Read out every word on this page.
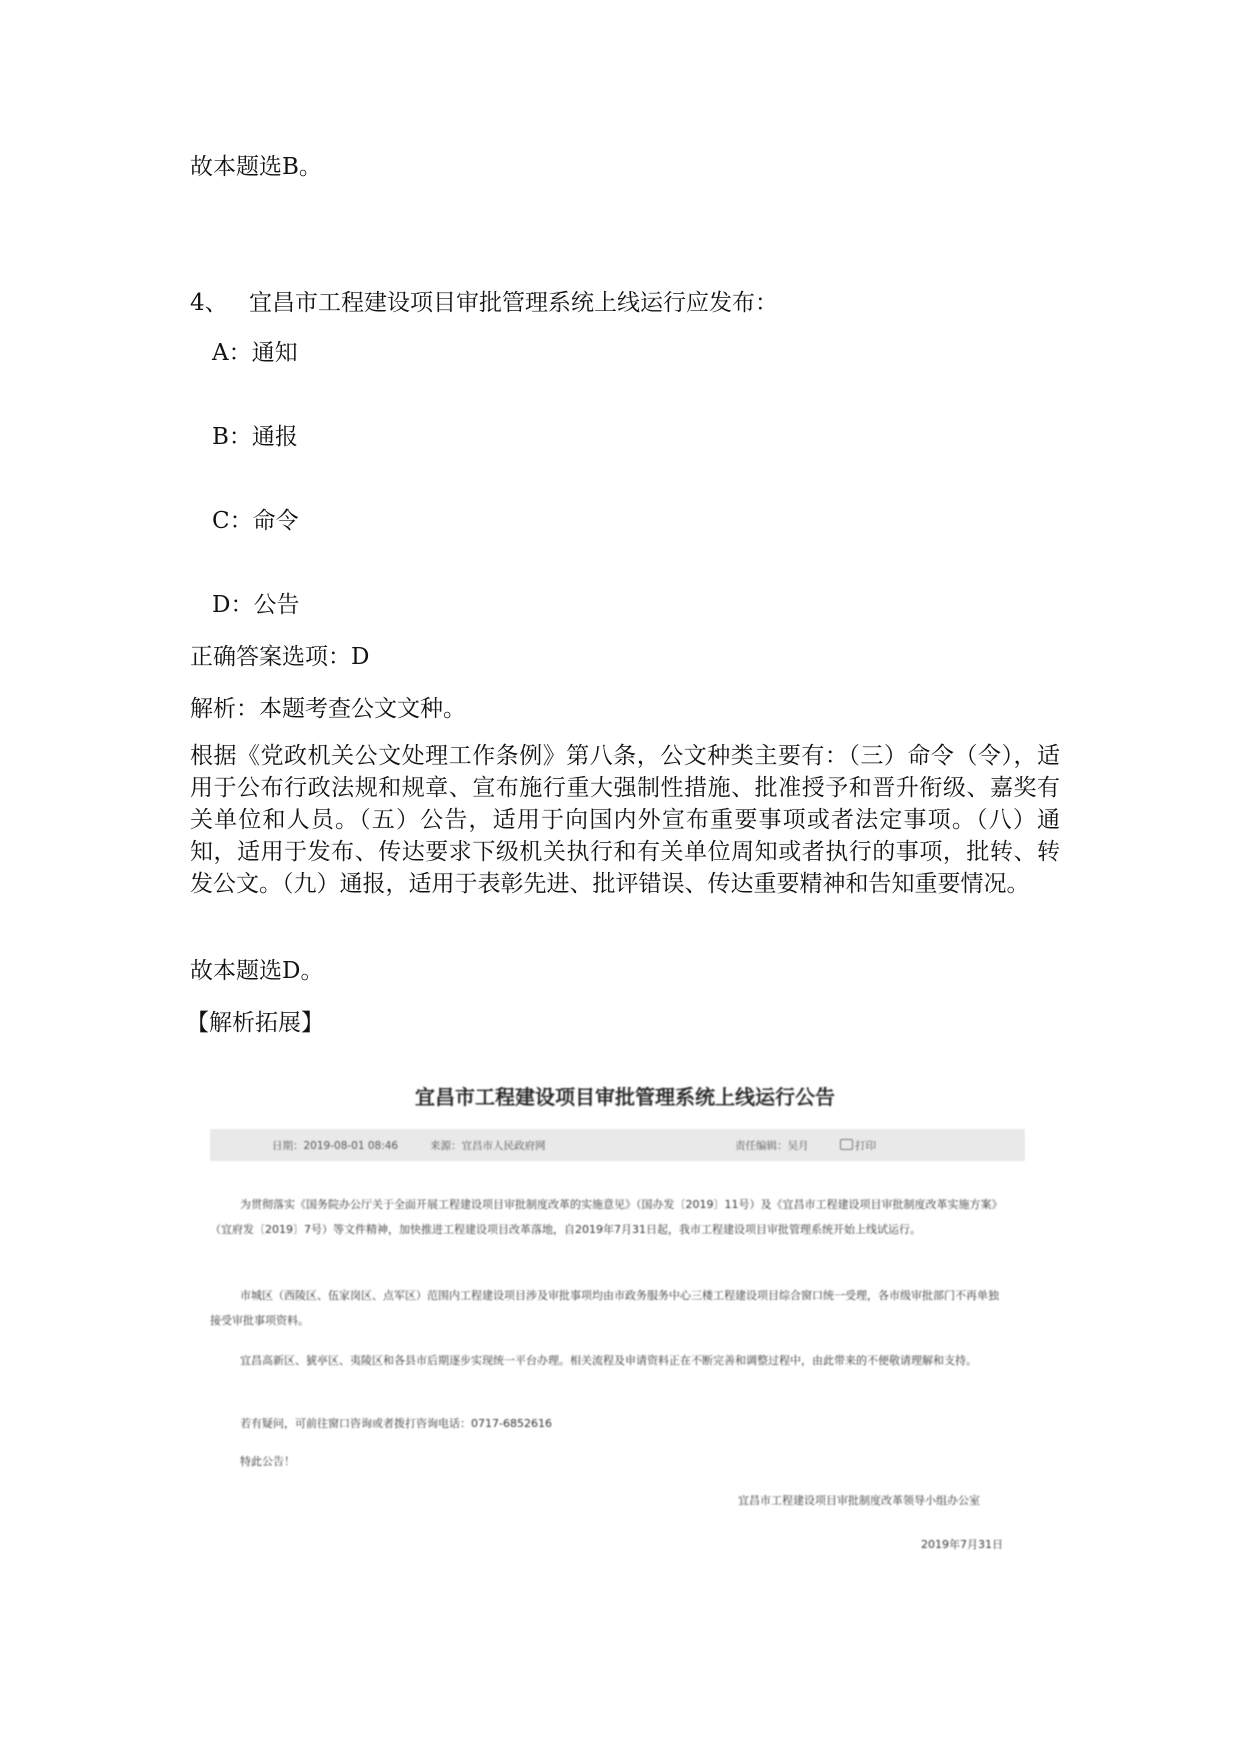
故本题选B。
4、 宜昌市工程建设项目审批管理系统上线运行应发布：
A：通知
B：通报
C：命令
D：公告
正确答案选项：D
解析：本题考查公文文种。
根据《党政机关公文处理工作条例》第八条，公文种类主要有：（三）命令（令），适用于公布行政法规和规章、宣布施行重大强制性措施、批准授予和晋升衔级、嘉奖有关单位和人员。（五）公告，适用于向国内外宣布重要事项或者法定事项。（八）通知，适用于发布、传达要求下级机关执行和有关单位周知或者执行的事项，批转、转发公文。（九）通报，适用于表彰先进、批评错误、传达重要精神和告知重要情况。
故本题选D。
【解析拓展】
宜昌市工程建设项目审批管理系统上线运行公告
日期：2019-08-01 08:46	来源：宜昌市人民政府网	责任编辑：吴月	打印
为贯彻落实《国务院办公厅关于全面开展工程建设项目审批制度改革的实施意见》（国办发〔2019〕11号）及《宜昌市工程建设项目审批制度改革实施方案》（宜府发〔2019〕7号）等文件精神，加快推进工程建设项目改革落地，自2019年7月31日起，我市工程建设项目审批管理系统开始上线试运行。
市城区（西陵区、伍家岗区、点军区）范围内工程建设项目涉及审批事项均由市政务服务中心三楼工程建设项目综合窗口统一受理，各市级审批部门不再单独接受审批事项资料。
宜昌高新区、猇亭区、夷陵区和各县市后期逐步实现统一平台办理。相关流程及申请资料正在不断完善和调整过程中，由此带来的不便敬请理解和支持。
若有疑问，可前往窗口咨询或者拨打咨询电话：0717-6852616
特此公告！
宜昌市工程建设项目审批制度改革领导小组办公室
2019年7月31日
